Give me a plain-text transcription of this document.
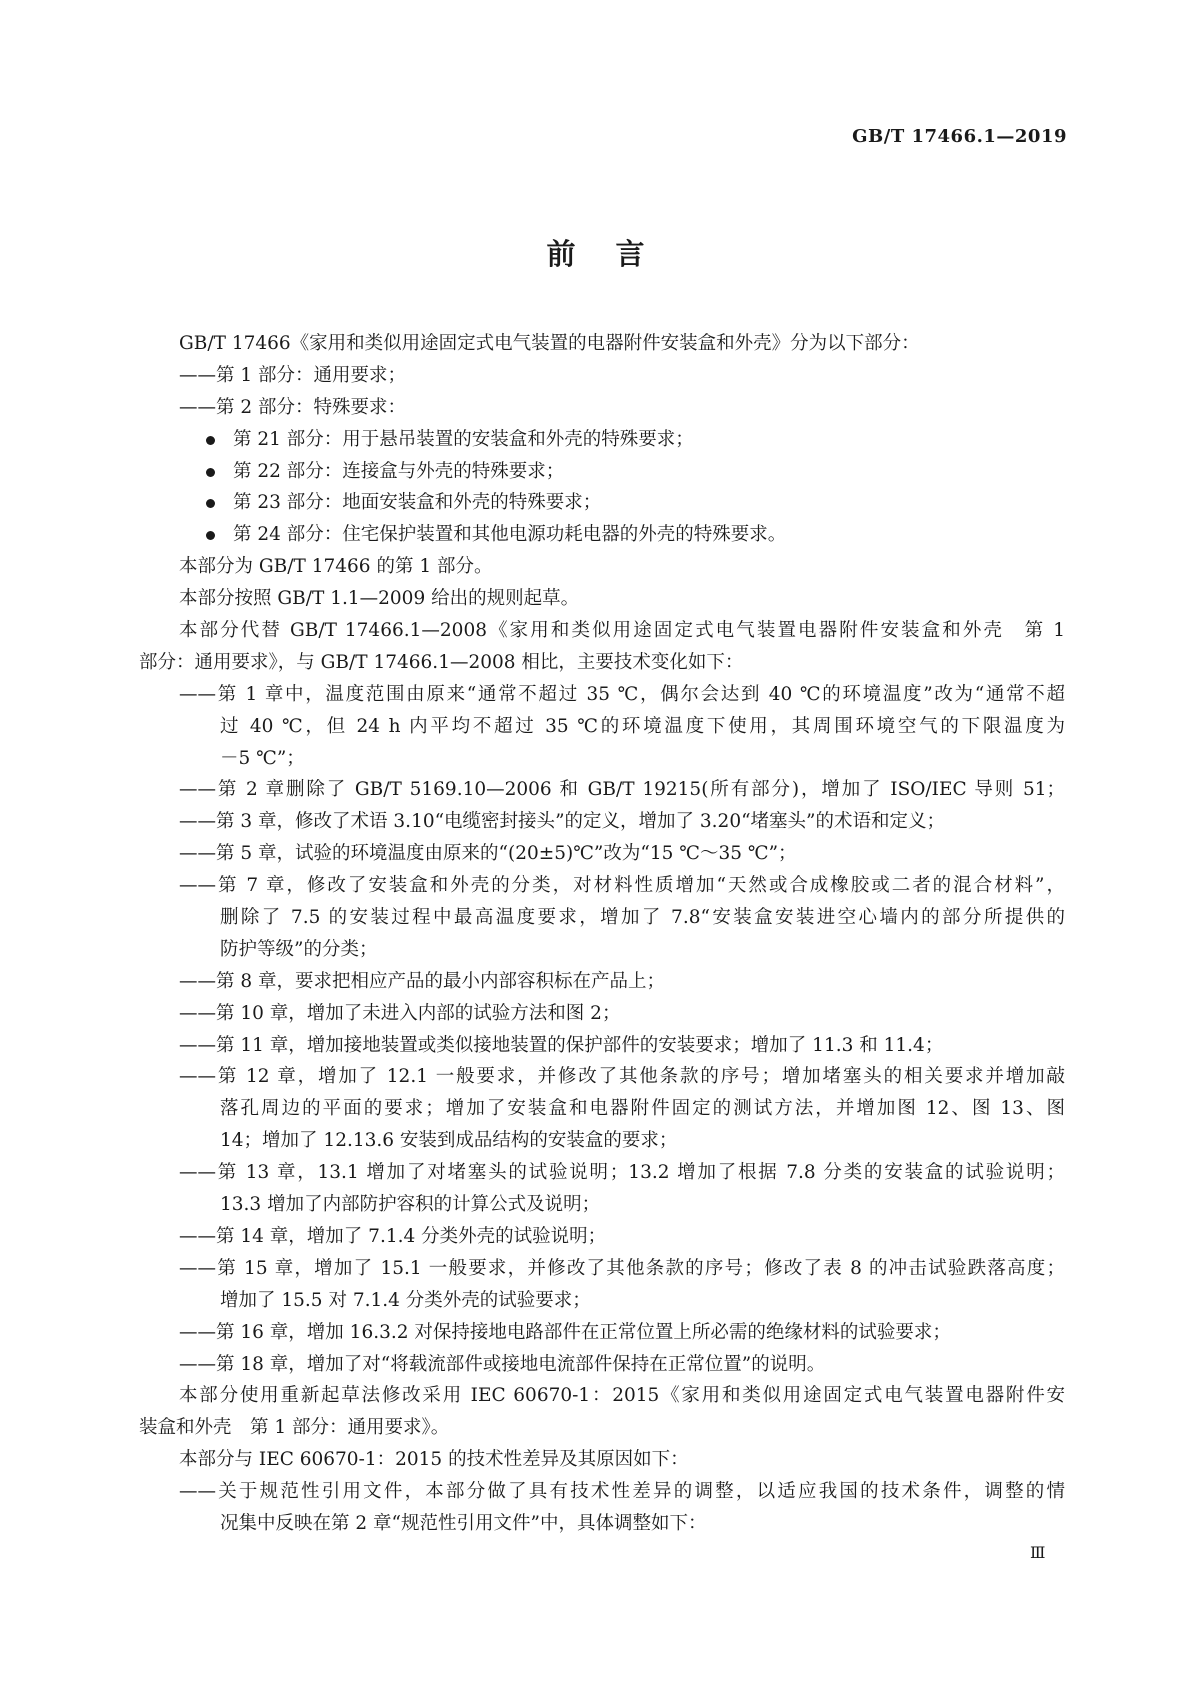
GB/T 17466.1—2019
前言
GB/T 17466《家用和类似用途固定式电气装置的电器附件安装盒和外壳》分为以下部分：
——第 1 部分：通用要求；
——第 2 部分：特殊要求：
第 21 部分：用于悬吊装置的安装盒和外壳的特殊要求；
第 22 部分：连接盒与外壳的特殊要求；
第 23 部分：地面安装盒和外壳的特殊要求；
第 24 部分：住宅保护装置和其他电源功耗电器的外壳的特殊要求。
本部分为 GB/T 17466 的第 1 部分。
本部分按照 GB/T 1.1—2009 给出的规则起草。
本部分代替 GB/T 17466.1—2008《家用和类似用途固定式电气装置电器附件安装盒和外壳　第 1
部分：通用要求》，与 GB/T 17466.1—2008 相比，主要技术变化如下：
——第 1 章中，温度范围由原来“通常不超过 35 ℃，偶尔会达到 40 ℃的环境温度”改为“通常不超
过 40 ℃，但 24 h 内平均不超过 35 ℃的环境温度下使用，其周围环境空气的下限温度为
－5 ℃”；
——第 2 章删除了 GB/T 5169.10—2006 和 GB/T 19215(所有部分)，增加了 ISO/IEC 导则 51；
——第 3 章，修改了术语 3.10“电缆密封接头”的定义，增加了 3.20“堵塞头”的术语和定义；
——第 5 章，试验的环境温度由原来的“(20±5)℃”改为“15 ℃～35 ℃”；
——第 7 章，修改了安装盒和外壳的分类，对材料性质增加“天然或合成橡胶或二者的混合材料”，
删除了 7.5 的安装过程中最高温度要求，增加了 7.8“安装盒安装进空心墙内的部分所提供的
防护等级”的分类；
——第 8 章，要求把相应产品的最小内部容积标在产品上；
——第 10 章，增加了未进入内部的试验方法和图 2；
——第 11 章，增加接地装置或类似接地装置的保护部件的安装要求；增加了 11.3 和 11.4；
——第 12 章，增加了 12.1 一般要求，并修改了其他条款的序号；增加堵塞头的相关要求并增加敲
落孔周边的平面的要求；增加了安装盒和电器附件固定的测试方法，并增加图 12、图 13、图
14；增加了 12.13.6 安装到成品结构的安装盒的要求；
——第 13 章，13.1 增加了对堵塞头的试验说明；13.2 增加了根据 7.8 分类的安装盒的试验说明；
13.3 增加了内部防护容积的计算公式及说明；
——第 14 章，增加了 7.1.4 分类外壳的试验说明；
——第 15 章，增加了 15.1 一般要求，并修改了其他条款的序号；修改了表 8 的冲击试验跌落高度；
增加了 15.5 对 7.1.4 分类外壳的试验要求；
——第 16 章，增加 16.3.2 对保持接地电路部件在正常位置上所必需的绝缘材料的试验要求；
——第 18 章，增加了对“将载流部件或接地电流部件保持在正常位置”的说明。
本部分使用重新起草法修改采用 IEC 60670-1：2015《家用和类似用途固定式电气装置电器附件安
装盒和外壳　第 1 部分：通用要求》。
本部分与 IEC 60670-1：2015 的技术性差异及其原因如下：
——关于规范性引用文件，本部分做了具有技术性差异的调整，以适应我国的技术条件，调整的情
况集中反映在第 2 章“规范性引用文件”中，具体调整如下：
Ⅲ
